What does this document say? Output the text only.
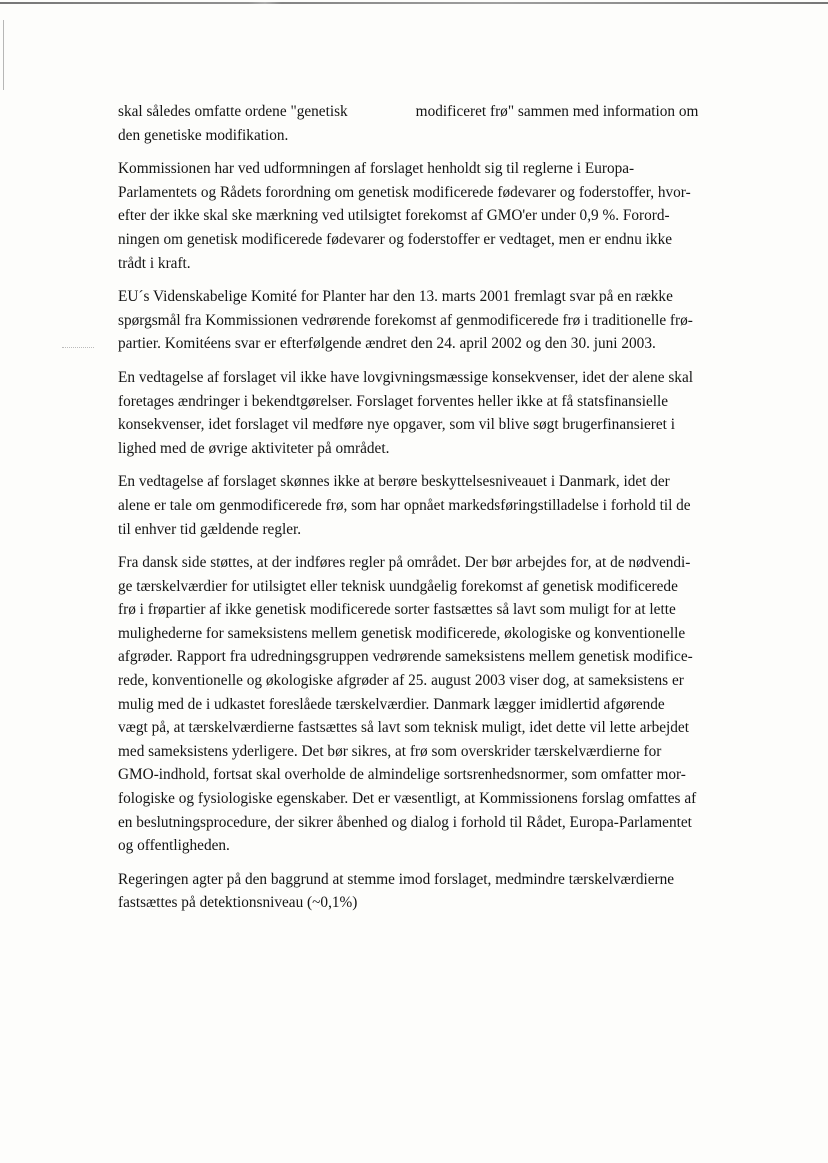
skal således omfatte ordene "genetisk	modificeret frø" sammen med information om
den genetiske modifikation.

Kommissionen har ved udformningen af forslaget henholdt sig til reglerne i Europa-
Parlamentets og Rådets forordning om genetisk modificerede fødevarer og foderstoffer, hvor-
efter der ikke skal ske mærkning ved utilsigtet forekomst af GMO'er under 0,9 %. Forord-
ningen om genetisk modificerede fødevarer og foderstoffer er vedtaget, men er endnu ikke
trådt i kraft.

EU´s Videnskabelige Komité for Planter har den 13. marts 2001 fremlagt svar på en række
spørgsmål fra Kommissionen vedrørende forekomst af genmodificerede frø i traditionelle frø-
partier. Komitéens svar er efterfølgende ændret den 24. april 2002 og den 30. juni 2003.

En vedtagelse af forslaget vil ikke have lovgivningsmæssige konsekvenser, idet der alene skal
foretages ændringer i bekendtgørelser. Forslaget forventes heller ikke at få statsfinansielle
konsekvenser, idet forslaget vil medføre nye opgaver, som vil blive søgt brugerfinansieret i
lighed med de øvrige aktiviteter på området.

En vedtagelse af forslaget skønnes ikke at berøre beskyttelsesniveauet i Danmark, idet der
alene er tale om genmodificerede frø, som har opnået markedsføringstilladelse i forhold til de
til enhver tid gældende regler.

Fra dansk side støttes, at der indføres regler på området. Der bør arbejdes for, at de nødvendi-
ge tærskelværdier for utilsigtet eller teknisk uundgåelig forekomst af genetisk modificerede
frø i frøpartier af ikke genetisk modificerede sorter fastsættes så lavt som muligt for at lette
mulighederne for sameksistens mellem genetisk modificerede, økologiske og konventionelle
afgrøder. Rapport fra udredningsgruppen vedrørende sameksistens mellem genetisk modifice-
rede, konventionelle og økologiske afgrøder af 25. august 2003 viser dog, at sameksistens er
mulig med de i udkastet foreslåede tærskelværdier. Danmark lægger imidlertid afgørende
vægt på, at tærskelværdierne fastsættes så lavt som teknisk muligt, idet dette vil lette arbejdet
med sameksistens yderligere. Det bør sikres, at frø som overskrider tærskelværdierne for
GMO-indhold, fortsat skal overholde de almindelige sortsrenhedsnormer, som omfatter mor-
fologiske og fysiologiske egenskaber. Det er væsentligt, at Kommissionens forslag omfattes af
en beslutningsprocedure, der sikrer åbenhed og dialog i forhold til Rådet, Europa-Parlamentet
og offentligheden.

Regeringen agter på den baggrund at stemme imod forslaget, medmindre tærskelværdierne
fastsættes på detektionsniveau (~0,1%)
